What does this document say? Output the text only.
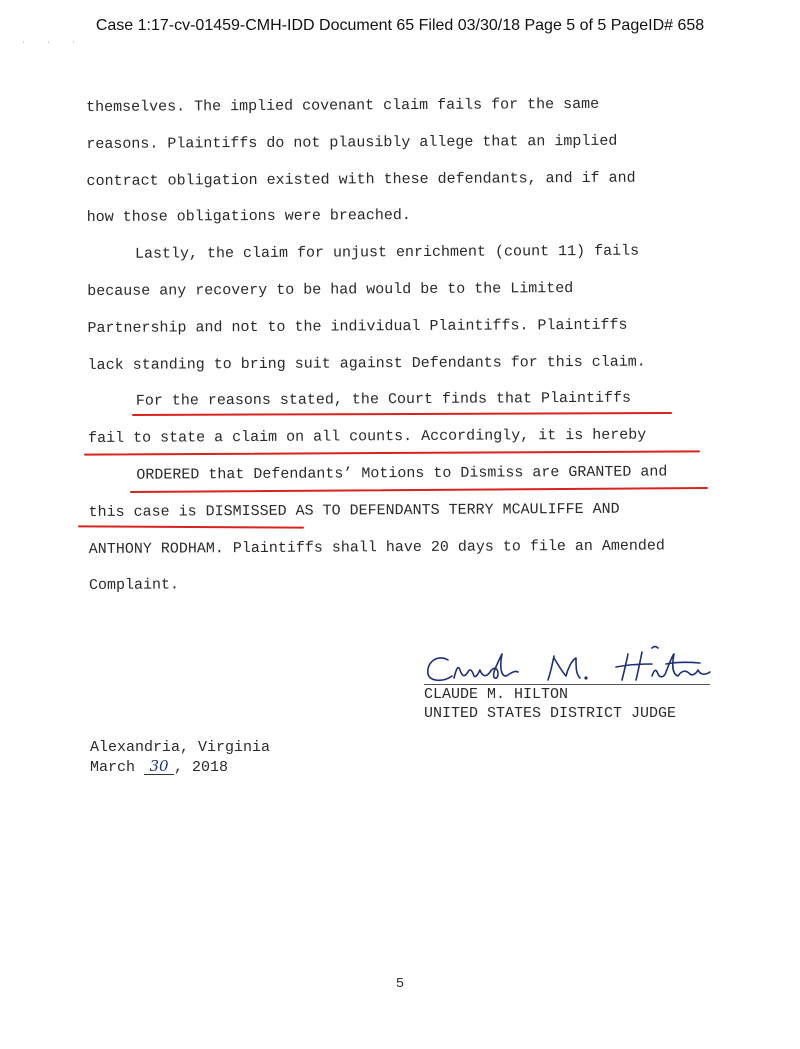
Case 1:17-cv-01459-CMH-IDD Document 65 Filed 03/30/18 Page 5 of 5 PageID# 658
· · ·
themselves. The implied covenant claim fails for the same
reasons. Plaintiffs do not plausibly allege that an implied
contract obligation existed with these defendants, and if and
how those obligations were breached.
Lastly, the claim for unjust enrichment (count 11) fails
because any recovery to be had would be to the Limited
Partnership and not to the individual Plaintiffs. Plaintiffs
lack standing to bring suit against Defendants for this claim.
For the reasons stated, the Court finds that Plaintiffs
fail to state a claim on all counts. Accordingly, it is hereby
ORDERED that Defendants’ Motions to Dismiss are GRANTED and
this case is DISMISSED AS TO DEFENDANTS TERRY MCAULIFFE AND
ANTHONY RODHAM. Plaintiffs shall have 20 days to file an Amended
Complaint.
CLAUDE M. HILTON
UNITED STATES DISTRICT JUDGE
Alexandria, Virginia
March 30 , 2018
5
